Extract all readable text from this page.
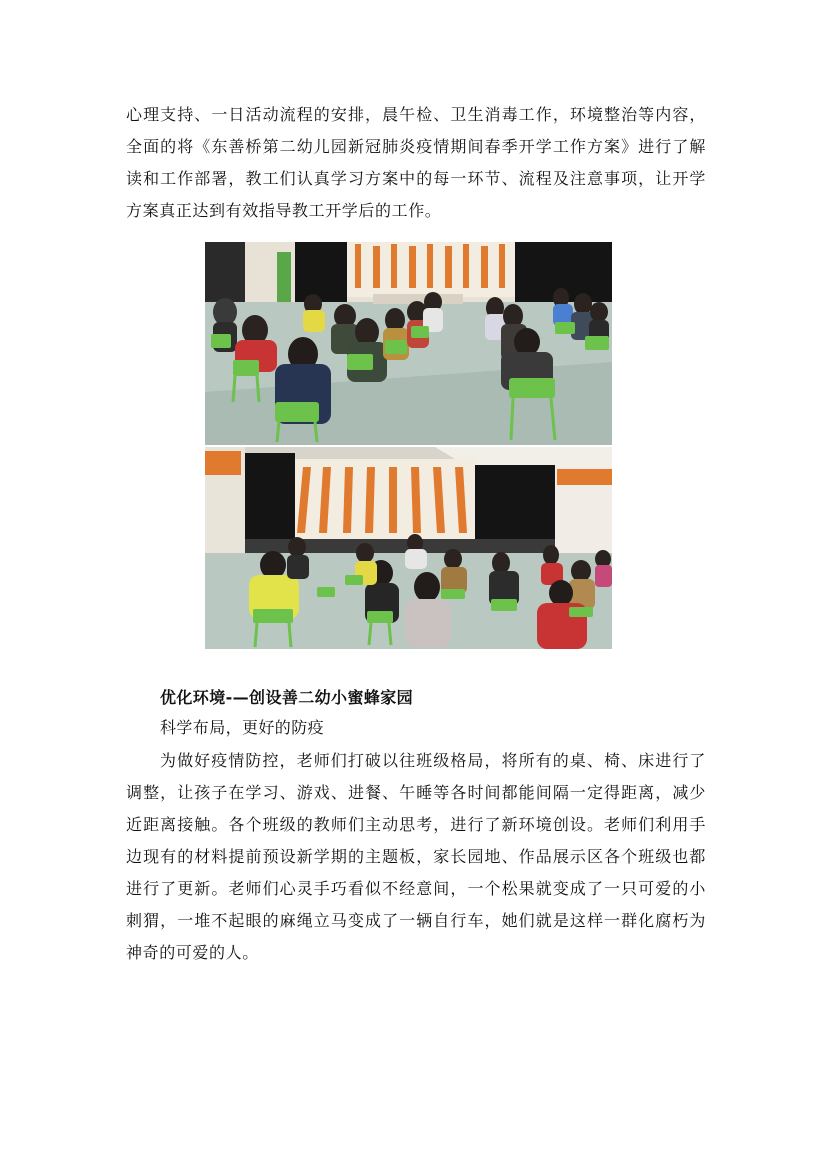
心理支持、一日活动流程的安排，晨午检、卫生消毒工作，环境整治等内容，全面的将《东善桥第二幼儿园新冠肺炎疫情期间春季开学工作方案》进行了解读和工作部署，教工们认真学习方案中的每一环节、流程及注意事项，让开学方案真正达到有效指导教工开学后的工作。

优化环境-—创设善二幼小蜜蜂家园

科学布局，更好的防疫

为做好疫情防控，老师们打破以往班级格局，将所有的桌、椅、床进行了调整，让孩子在学习、游戏、进餐、午睡等各时间都能间隔一定得距离，减少近距离接触。各个班级的教师们主动思考，进行了新环境创设。老师们利用手边现有的材料提前预设新学期的主题板，家长园地、作品展示区各个班级也都进行了更新。老师们心灵手巧看似不经意间，一个松果就变成了一只可爱的小刺猬，一堆不起眼的麻绳立马变成了一辆自行车，她们就是这样一群化腐朽为神奇的可爱的人。
